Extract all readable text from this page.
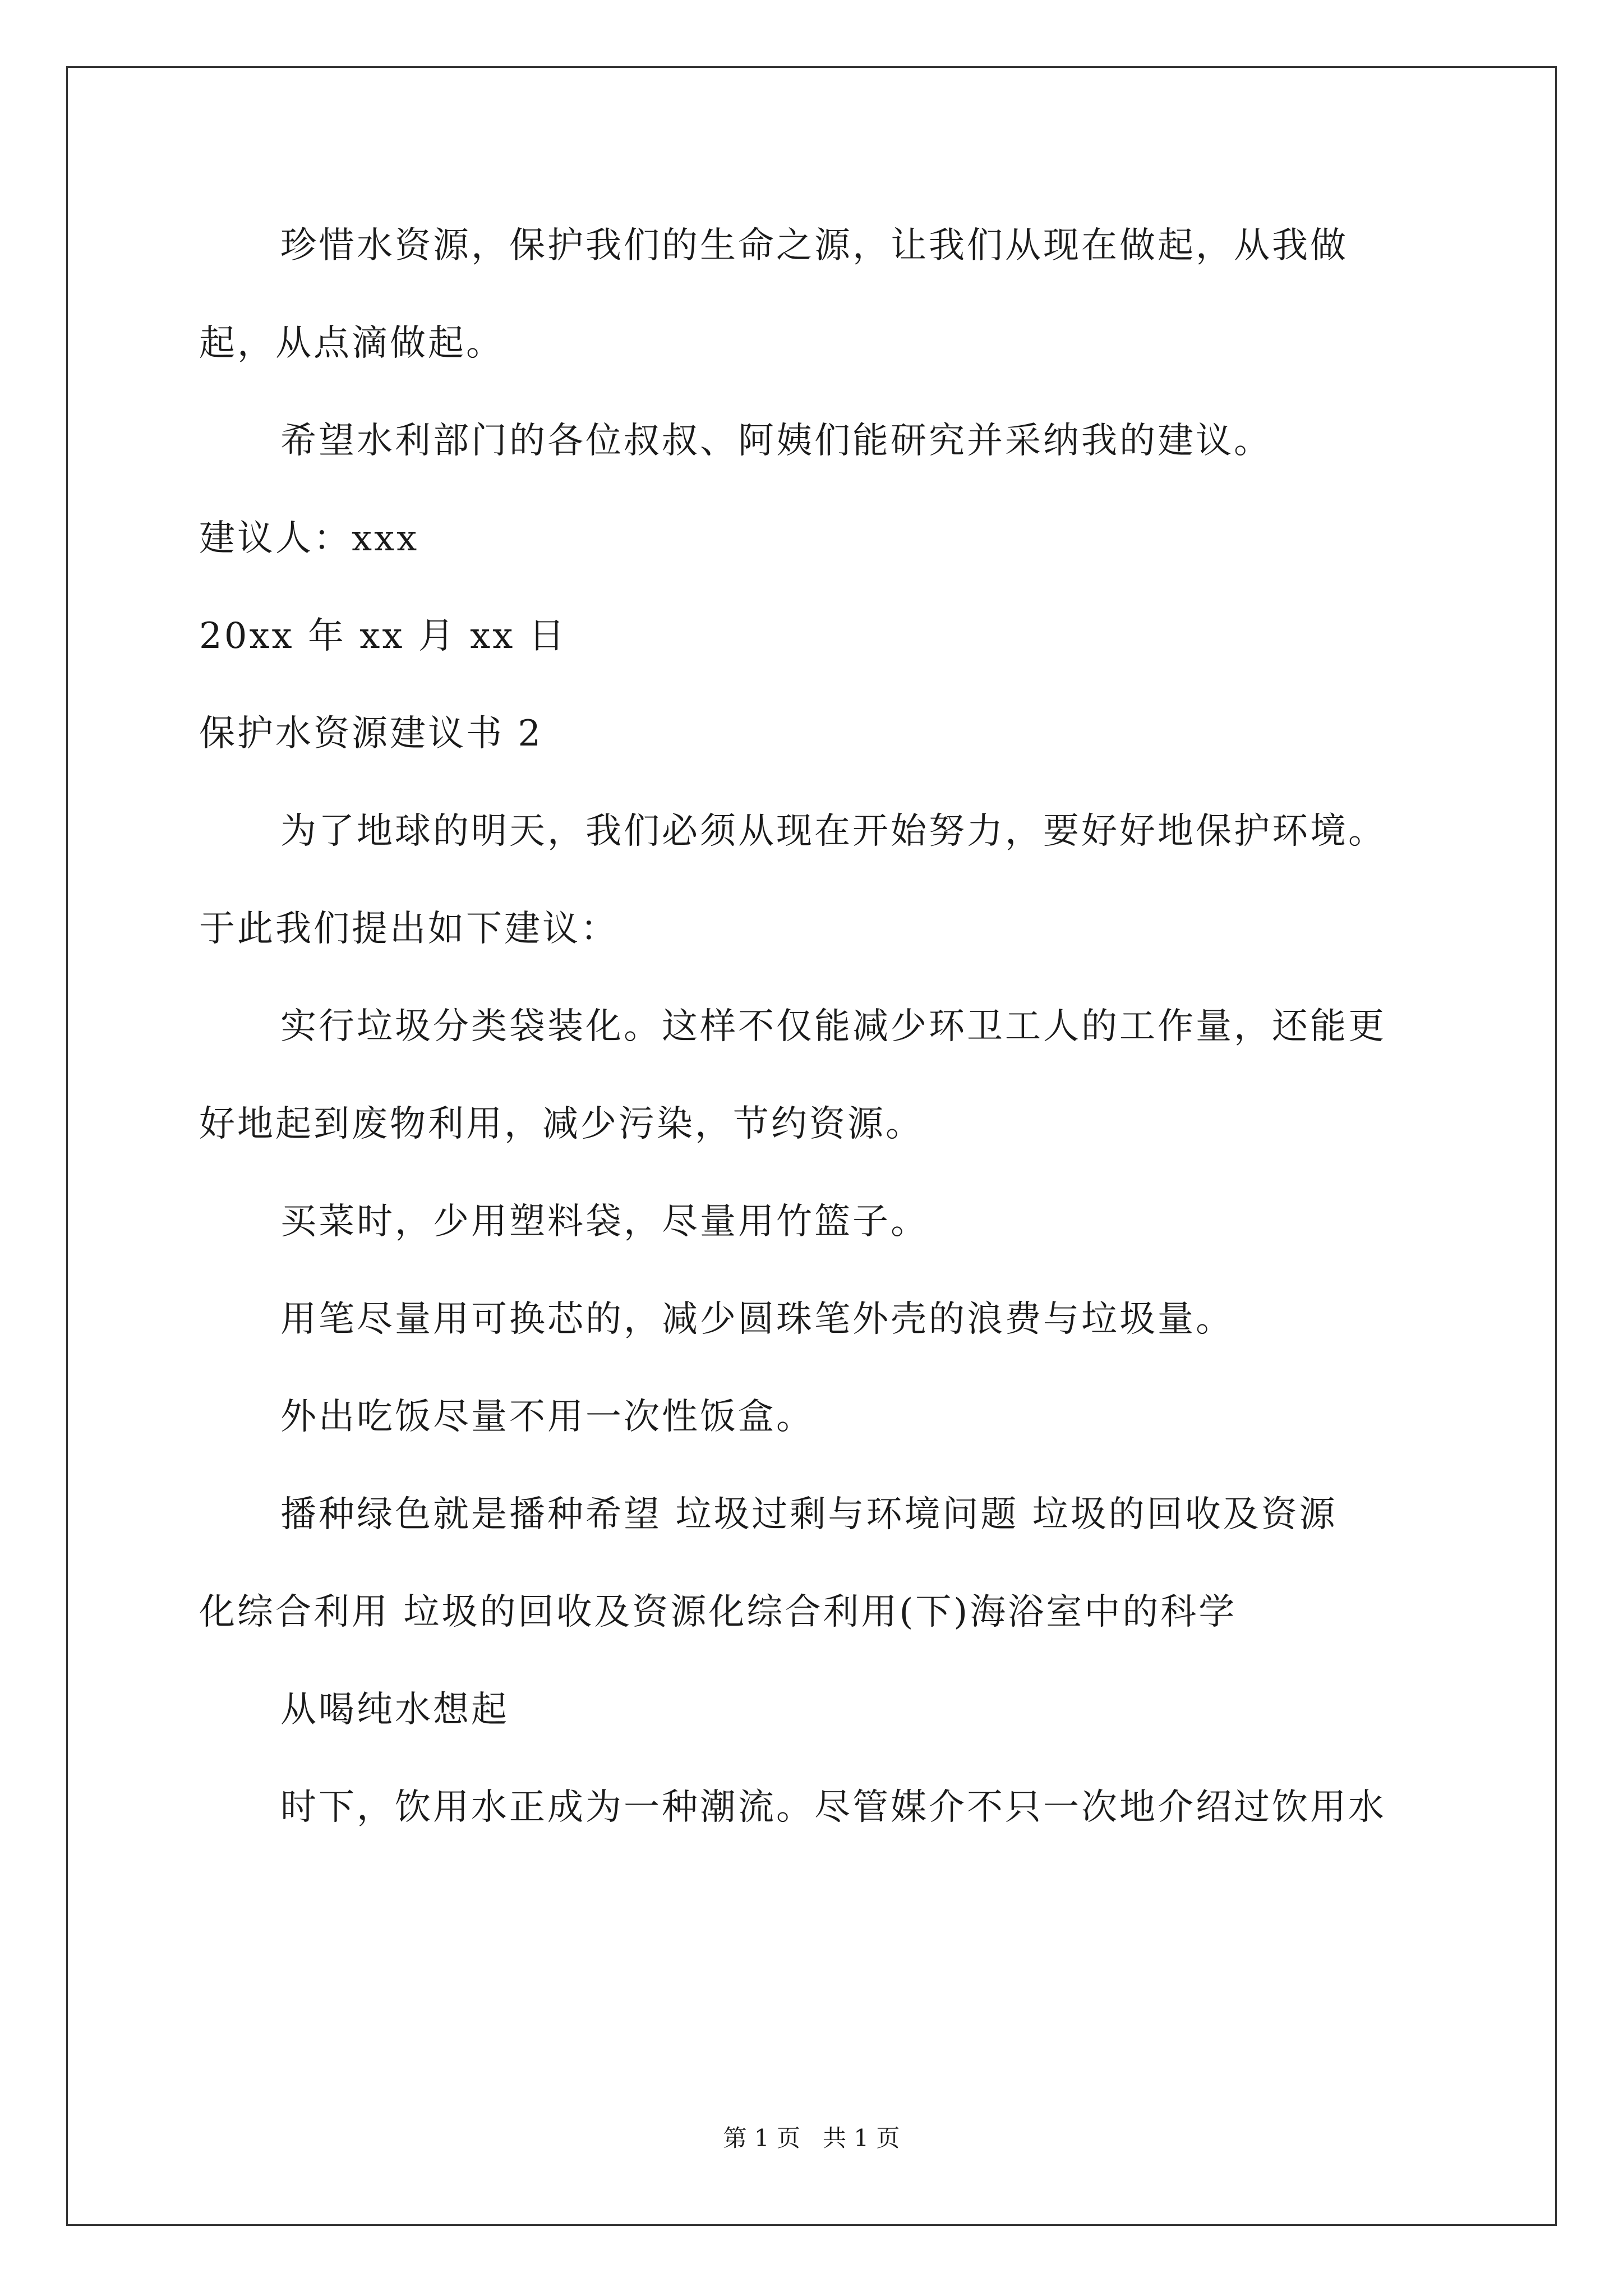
珍惜水资源，保护我们的生命之源，让我们从现在做起，从我做
起，从点滴做起。
希望水利部门的各位叔叔、阿姨们能研究并采纳我的建议。
建议人：xxx
20xx 年 xx 月 xx 日
保护水资源建议书 2
为了地球的明天，我们必须从现在开始努力，要好好地保护环境。
于此我们提出如下建议：
实行垃圾分类袋装化。这样不仅能减少环卫工人的工作量，还能更
好地起到废物利用，减少污染，节约资源。
买菜时，少用塑料袋，尽量用竹篮子。
用笔尽量用可换芯的，减少圆珠笔外壳的浪费与垃圾量。
外出吃饭尽量不用一次性饭盒。
播种绿色就是播种希望 垃圾过剩与环境问题 垃圾的回收及资源
化综合利用 垃圾的回收及资源化综合利用(下)海浴室中的科学
从喝纯水想起
时下，饮用水正成为一种潮流。尽管媒介不只一次地介绍过饮用水
第 1 页 共 1 页
